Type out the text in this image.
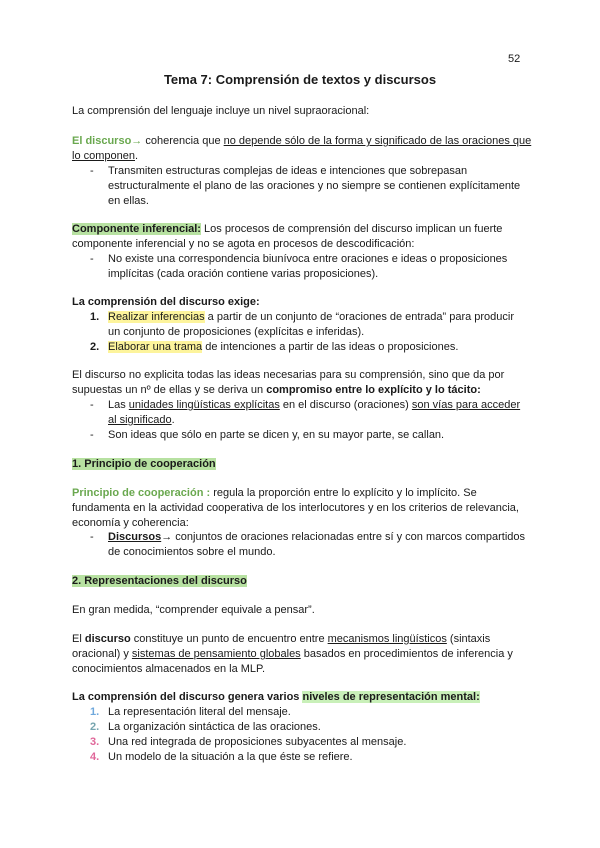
52
Tema 7: Comprensión de textos y discursos
La comprensión del lenguaje incluye un nivel supraoracional:
El discurso→ coherencia que no depende sólo de la forma y significado de las oraciones que lo componen.
- Transmiten estructuras complejas de ideas e intenciones que sobrepasan estructuralmente el plano de las oraciones y no siempre se contienen explícitamente en ellas.
Componente inferencial: Los procesos de comprensión del discurso implican un fuerte componente inferencial y no se agota en procesos de descodificación:
- No existe una correspondencia biunívoca entre oraciones e ideas o proposiciones implícitas (cada oración contiene varias proposiciones).
La comprensión del discurso exige:
1. Realizar inferencias a partir de un conjunto de “oraciones de entrada” para producir un conjunto de proposiciones (explícitas e inferidas).
2. Elaborar una trama de intenciones a partir de las ideas o proposiciones.
El discurso no explicita todas las ideas necesarias para su comprensión, sino que da por supuestas un nº de ellas y se deriva un compromiso entre lo explícito y lo tácito:
- Las unidades lingüísticas explícitas en el discurso (oraciones) son vías para acceder al significado.
- Son ideas que sólo en parte se dicen y, en su mayor parte, se callan.
1. Principio de cooperación
Principio de cooperación : regula la proporción entre lo explícito y lo implícito. Se fundamenta en la actividad cooperativa de los interlocutores y en los criterios de relevancia, economía y coherencia:
- Discursos→ conjuntos de oraciones relacionadas entre sí y con marcos compartidos de conocimientos sobre el mundo.
2. Representaciones del discurso
En gran medida, “comprender equivale a pensar”.
El discurso constituye un punto de encuentro entre mecanismos lingüísticos (sintaxis oracional) y sistemas de pensamiento globales basados en procedimientos de inferencia y conocimientos almacenados en la MLP.
La comprensión del discurso genera varios niveles de representación mental:
1. La representación literal del mensaje.
2. La organización sintáctica de las oraciones.
3. Una red integrada de proposiciones subyacentes al mensaje.
4. Un modelo de la situación a la que éste se refiere.
